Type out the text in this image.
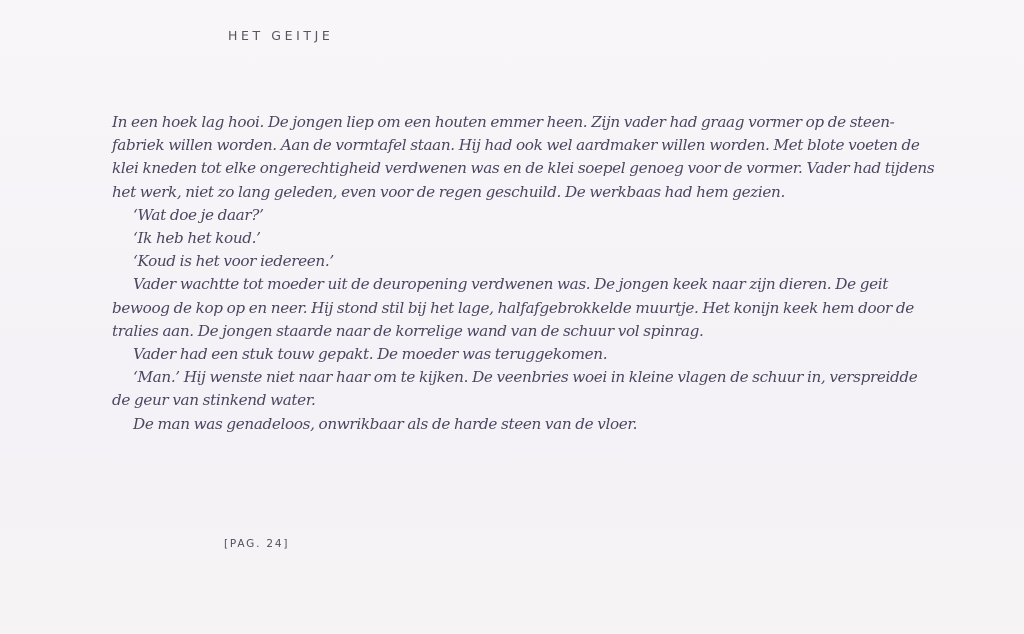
HET GEITJE
In een hoek lag hooi. De jongen liep om een houten emmer heen. Zijn vader had graag vormer op de steen-
fabriek willen worden. Aan de vormtafel staan. Hij had ook wel aardmaker willen worden. Met blote voeten de
klei kneden tot elke ongerechtigheid verdwenen was en de klei soepel genoeg voor de vormer. Vader had tijdens
het werk, niet zo lang geleden, even voor de regen geschuild. De werkbaas had hem gezien.
‘Wat doe je daar?’
‘Ik heb het koud.’
‘Koud is het voor iedereen.’
Vader wachtte tot moeder uit de deuropening verdwenen was. De jongen keek naar zijn dieren. De geit
bewoog de kop op en neer. Hij stond stil bij het lage, halfafgebrokkelde muurtje. Het konijn keek hem door de
tralies aan. De jongen staarde naar de korrelige wand van de schuur vol spinrag.
Vader had een stuk touw gepakt. De moeder was teruggekomen.
‘Man.’ Hij wenste niet naar haar om te kijken. De veenbries woei in kleine vlagen de schuur in, verspreidde
de geur van stinkend water.
De man was genadeloos, onwrikbaar als de harde steen van de vloer.
[PAG. 24]
